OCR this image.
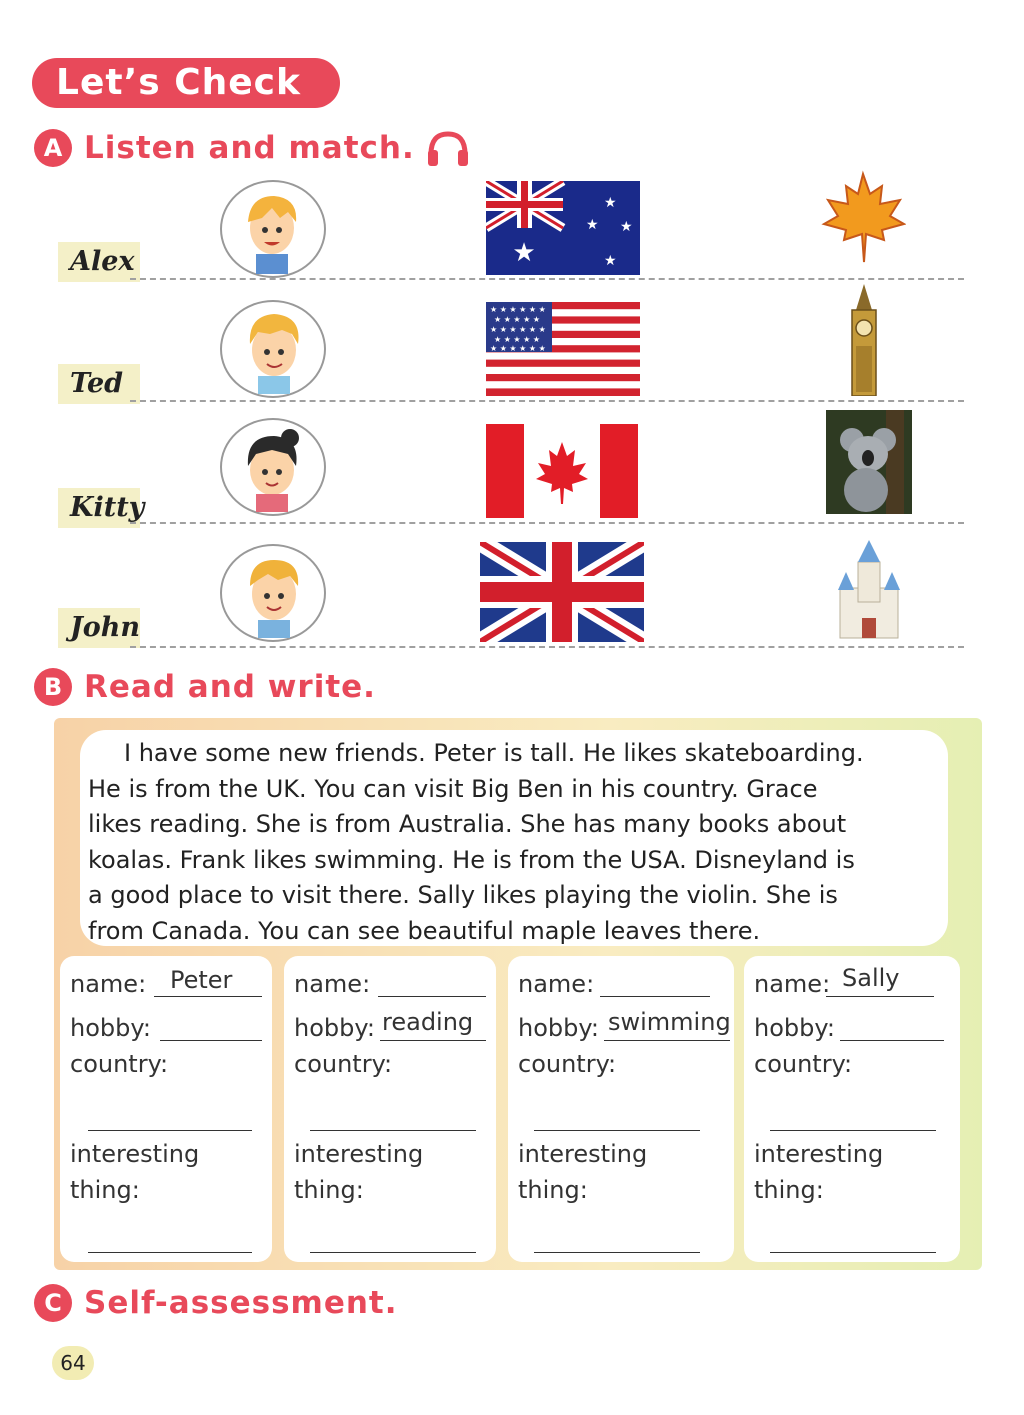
Let’s Check
A Listen and match.
Alex	★
★
★ ★
★
Ted
★ ★ ★ ★ ★ ★
★ ★ ★ ★ ★
★ ★ ★ ★ ★ ★
★ ★ ★ ★ ★
★ ★ ★ ★ ★ ★
Kitty
John
B Read and write.

I have some new friends. Peter is tall. He likes skateboarding.

He is from the UK. You can visit Big Ben in his country. Grace
likes reading. She is from Australia. She has many books about
koalas. Frank likes swimming. He is from the USA. Disneyland is
a good place to visit there. Sally likes playing the violin. She is
from Canada. You can see beautiful maple leaves there.
name: Peter
hobby:
country:
interesting
thing:
name:
hobby: reading
country:
interesting
thing:
name:
hobby: swimming
country:
interesting
thing:
name: Sally
hobby:
country:
interesting
thing:
C Self-assessment.
64
